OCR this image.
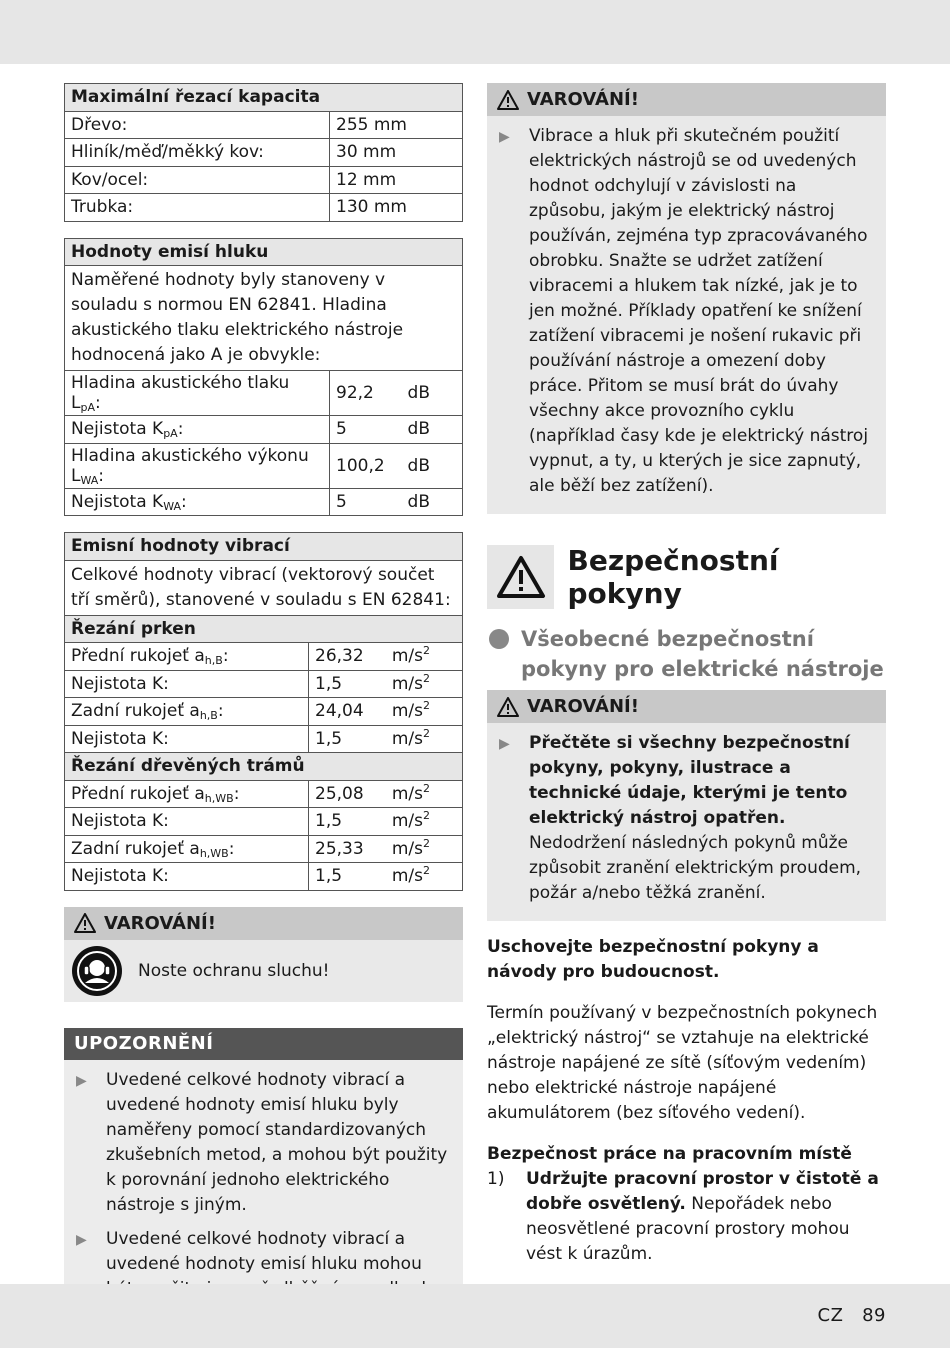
Maximální řezací kapacita	
Dřevo:	255 mm
Hliník/měď/měkký kov:	30 mm
Kov/ocel:	12 mm
Trubka:	130 mm
Hodnoty emisí hluku	
Naměřené hodnoty byly stanoveny v souladu s normou EN 62841. Hladina akustického tlaku elektrického nástroje hodnocená jako A je obvykle:	
Hladina akustického tlaku $L_{pA}$:	92,2 dB

Nejistota $K_{pA}$:	5 dB

Hladina akustického výkonu $L_{WA}$:	100,2 dB

Nejistota $K_{WA}$:	5 dB
Emisní hodnoty vibrací	
Celkové hodnoty vibrací (vektorový součet tří směrů), stanovené v souladu s EN 62841:	
Řezání prken	
Přední rukojeť $a_{h,B}$:	26,32 $m/s^2$

Nejistota K:	1,5 $m/s^2$

Zadní rukojeť $a_{h,B}$:	24,04 $m/s^2$

Nejistota K:	1,5 $m/s^2$

Řezání dřevěných trámů	
Přední rukojeť $a_{h,WB}$:	25,08 $m/s^2$

Nejistota K:	1,5 $m/s^2$

Zadní rukojeť $a_{h,WB}$:	25,33 $m/s^2$

Nejistota K:	1,5 $m/s^2$
VAROVÁNÍ!
Noste ochranu sluchu!
UPOZORNĚNÍ
▶	Uvedené celkové hodnoty vibrací a uvedené hodnoty emisí hluku byly naměřeny pomocí standardizovaných zkušebních metod, a mohou být použity k porovnání jednoho elektrického nástroje s jiným.
▶	Uvedené celkové hodnoty vibrací a uvedené hodnoty emisí hluku mohou
VAROVÁNÍ!
▶	Vibrace a hluk při skutečném použití elektrických nástrojů se od uvedených hodnot odchylují v závislosti na způsobu, jakým je elektrický nástroj používán, zejména typ zpracovávaného obrobku. Snažte se udržet zatížení vibracemi a hlukem tak nízké, jak je to jen možné. Příklady opatření ke snížení zatížení vibracemi je nošení rukavic při používání nástroje a omezení doby práce. Přitom se musí brát do úvahy všechny akce provozního cyklu (například časy kde je elektrický nástroj vypnut, a ty, u kterých je sice zapnutý, ale běží bez zatížení).
Bezpečnostní pokyny
Všeobecné bezpečnostní pokyny pro elektrické nástroje
VAROVÁNÍ!
▶	Přečtěte si všechny bezpečnostní pokyny, pokyny, ilustrace a technické údaje, kterými je tento elektrický nástroj opatřen. Nedodržení následných pokynů může způsobit zranění elektrickým proudem, požár a/nebo těžká zranění.

Uschovejte bezpečnostní pokyny a návody pro budoucnost.

Termín používaný v bezpečnostních pokynech „elektrický nástroj“ se vztahuje na elektrické nástroje napájené ze sítě (síťovým vedením) nebo elektrické nástroje napájené akumulátorem (bez síťového vedení).

Bezpečnost práce na pracovním místě

1)	Udržujte pracovní prostor v čistotě a dobře osvětlený. Nepořádek nebo neosvětlené pracovní prostory mohou vést k úrazům.
CZ 89
